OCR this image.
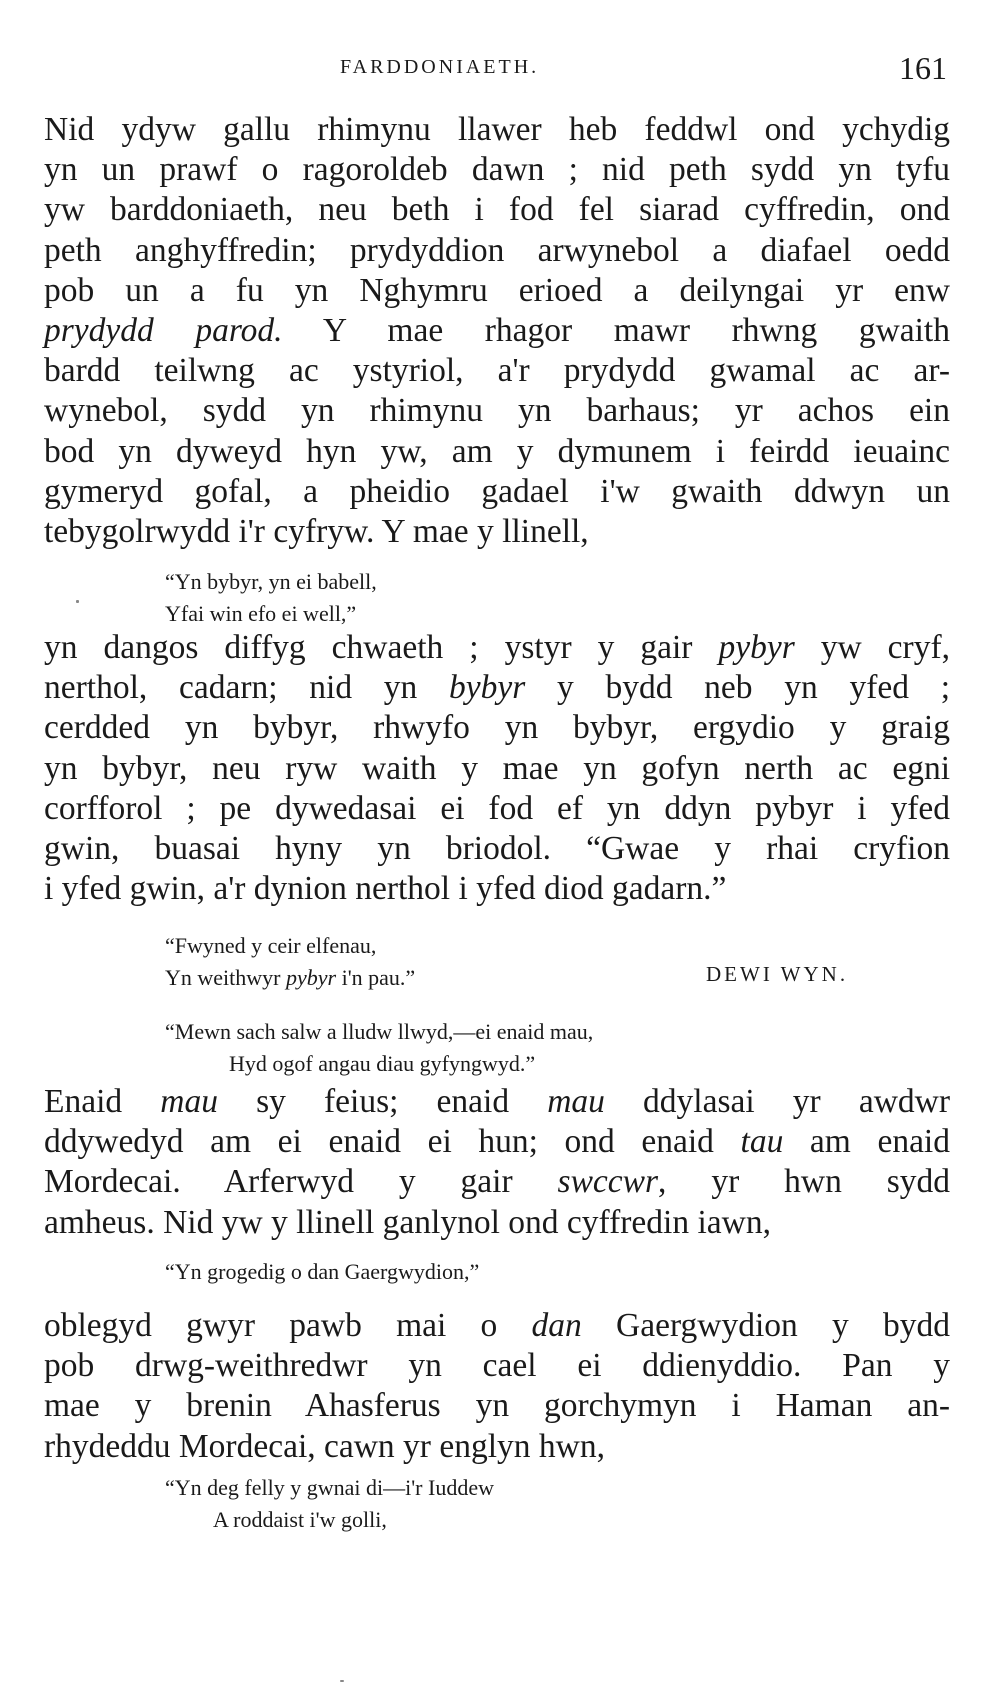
FARDDONIAETH.	161
Nid ydyw gallu rhimynu llawer heb feddwl ond ychydig
yn un prawf o ragoroldeb dawn ; nid peth sydd yn tyfu
yw barddoniaeth, neu beth i fod fel siarad cyffredin, ond
peth anghyffredin; prydyddion arwynebol a diafael oedd
pob un a fu yn Nghymru erioed a deilyngai yr enw
prydydd parod. Y mae rhagor mawr rhwng gwaith
bardd teilwng ac ystyriol, a'r prydydd gwamal ac ar-
wynebol, sydd yn rhimynu yn barhaus; yr achos ein
bod yn dyweyd hyn yw, am y dymunem i feirdd ieuainc
gymeryd gofal, a pheidio gadael i'w gwaith ddwyn un
tebygolrwydd i'r cyfryw. Y mae y llinell,
“Yn bybyr, yn ei babell,
Yfai win efo ei well,”
yn dangos diffyg chwaeth ; ystyr y gair pybyr yw cryf,
nerthol, cadarn; nid yn bybyr y bydd neb yn yfed ;
cerdded yn bybyr, rhwyfo yn bybyr, ergydio y graig
yn bybyr, neu ryw waith y mae yn gofyn nerth ac egni
corfforol ; pe dywedasai ei fod ef yn ddyn pybyr i yfed
gwin, buasai hyny yn briodol. “Gwae y rhai cryfion
i yfed gwin, a'r dynion nerthol i yfed diod gadarn.”
“Fwyned y ceir elfenau,
Yn weithwyr pybyr i'n pau.”	DEWI WYN.
“Mewn sach salw a lludw llwyd,—ei enaid mau,
Hyd ogof angau diau gyfyngwyd.”
Enaid mau sy feius; enaid mau ddylasai yr awdwr
ddywedyd am ei enaid ei hun; ond enaid tau am enaid
Mordecai. Arferwyd y gair swccwr, yr hwn sydd
amheus. Nid yw y llinell ganlynol ond cyffredin iawn,
“Yn grogedig o dan Gaergwydion,”
oblegyd gwyr pawb mai o dan Gaergwydion y bydd
pob drwg-weithredwr yn cael ei ddienyddio. Pan y
mae y brenin Ahasferus yn gorchymyn i Haman an-
rhydeddu Mordecai, cawn yr englyn hwn,
“Yn deg felly y gwnai di—i'r Iuddew
A roddaist i'w golli,
